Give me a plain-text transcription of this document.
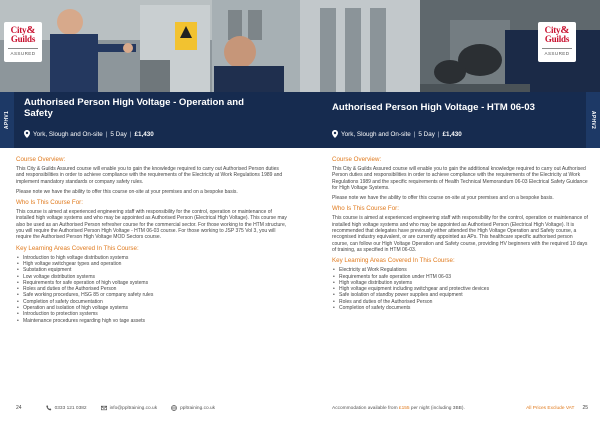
City&
Guilds
ASSURED
APHV1
Authorised Person High Voltage - Operation and Safety
York, Slough and On-site | 5 Day | £1,430
Course Overview:
This City & Guilds Assured course will enable you to gain the knowledge required to carry out Authorised Person duties and responsibilities in order to achieve compliance with the requirements of the Electricity at Work Regulations 1989 and implement mandatory standards or company safety rules.
Please note we have the ability to offer this course on-site at your premises and on a bespoke basis.
Who Is This Course For:
This course is aimed at experienced engineering staff with responsibility for the control, operation or maintenance of installed high voltage systems and who may be appointed as Authorised Person (Electrical High Voltage). This course may also be used as an Authorised Person refresher course for the commercial sector. For those working to the HTM structure, you will require the Authorised Person High Voltage - HTM 06-03 course. For those working to JSP 375 Vol 3, you will require the Authorised Person High Voltage MOD Sectors course.
Key Learning Areas Covered In This Course:
• Introduction to high voltage distribution systems
• High voltage switchgear types and operation
• Substation equipment
• Low voltage distribution systems
• Requirements for safe operation of high voltage systems
• Roles and duties of the Authorised Person
• Safe working procedures, HSG 85 or company safety rules
• Completion of safety documentation
• Operation and isolation of high voltage systems
• Introduction to protection systems
• Maintenance procedures regarding high vo tage assets
24	0333 121 0382	info@ppltraining.co.uk	ppltraining.co.uk
City&
Guilds
ASSURED
APHV2
Authorised Person High Voltage - HTM 06-03
York, Slough and On-site | 5 Day | £1,430
Course Overview:
This City & Guilds Assured course will enable you to gain the additional knowledge required to carry out Authorised Person duties and responsibilities in order to achieve compliance with the requirements of the Electricity at Work Regulations 1989 and the specific requirements of Health Technical Memorandum 06-03 Electrical Safety Guidance for High Voltage Systems.
Please note we have the ability to offer this course on-site at your premises and on a bespoke basis.
Who Is This Course For:
This course is aimed at experienced engineering staff with responsibility for the control, operation or maintenance of installed high voltage systems and who may be appointed as Authorised Person (Electrical High Voltage). It is recommended that delegates have previously either attended the High Voltage Operation and Safety course, a recognised industry equivalent, or are currently appointed as APs. This healthcare specific authorised person course, can follow our High Voltage Operation and Safety course, providing HV beginners with the required 10 days of training, as specified in HTM 06-03.
Key Learning Areas Covered In This Course:
• Electricity at Work Regulations
• Requirements for safe operation under HTM 06-03
• High voltage distribution systems
• High voltage equipment including switchgear and protective devices
• Safe isolation of standby power supplies and equipment
• Roles and duties of the Authorised Person
• Completion of safety documents
Accommodation available from £155 per night (including 3BB).	All Prices Exclude VAT 25
